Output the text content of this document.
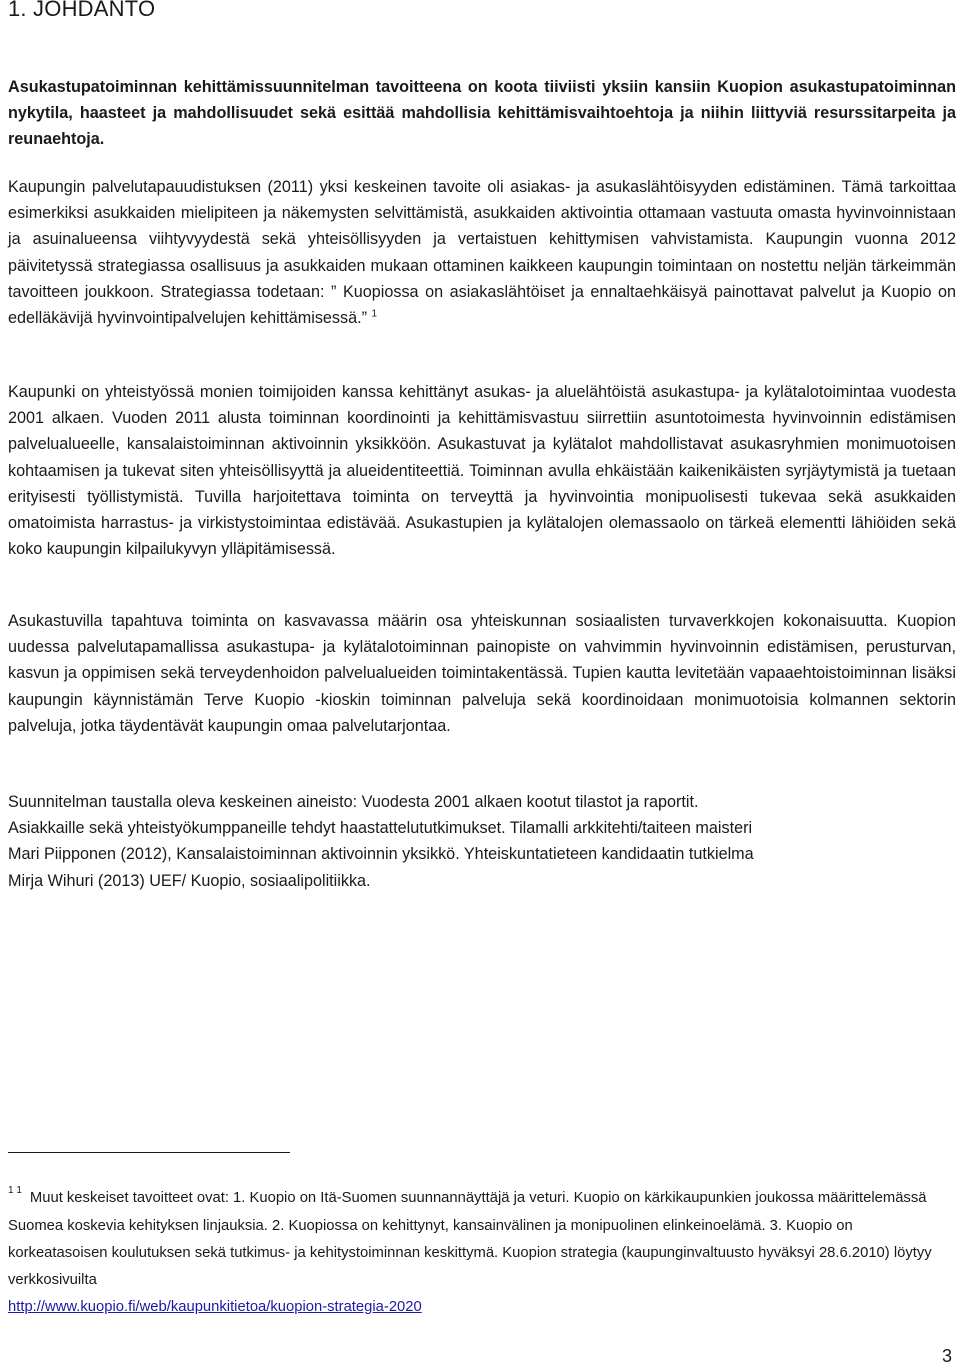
1. JOHDANTO

Asukastupatoiminnan kehittämissuunnitelman tavoitteena on koota tiiviisti yksiin kansiin Kuopion asukastupatoiminnan nykytila, haasteet ja mahdollisuudet sekä esittää mahdollisia kehittämisvaihtoehtoja ja niihin liittyviä resurssitarpeita ja reunaehtoja.

Kaupungin palvelutapauudistuksen (2011) yksi keskeinen tavoite oli asiakas- ja asukaslähtöisyyden edistäminen. Tämä tarkoittaa esimerkiksi asukkaiden mielipiteen ja näkemysten selvittämistä, asukkaiden aktivointia ottamaan vastuuta omasta hyvinvoinnistaan ja asuinalueensa viihtyvyydestä sekä yhteisöllisyyden ja vertaistuen kehittymisen vahvistamista. Kaupungin vuonna 2012 päivitetyssä strategiassa osallisuus ja asukkaiden mukaan ottaminen kaikkeen kaupungin toimintaan on nostettu neljän tärkeimmän tavoitteen joukkoon. Strategiassa todetaan: ” Kuopiossa on asiakaslähtöiset ja ennaltaehkäisyä painottavat palvelut ja Kuopio on edelläkävijä hyvinvointipalvelujen kehittämisessä.” $^1$

Kaupunki on yhteistyössä monien toimijoiden kanssa kehittänyt asukas- ja aluelähtöistä asukastupa- ja kylätalotoimintaa vuodesta 2001 alkaen. Vuoden 2011 alusta toiminnan koordinointi ja kehittämisvastuu siirrettiin asuntotoimesta hyvinvoinnin edistämisen palvelualueelle, kansalaistoiminnan aktivoinnin yksikköön. Asukastuvat ja kylätalot mahdollistavat asukasryhmien monimuotoisen kohtaamisen ja tukevat siten yhteisöllisyyttä ja alueidentiteettiä. Toiminnan avulla ehkäistään kaikenikäisten syrjäytymistä ja tuetaan erityisesti työllistymistä. Tuvilla harjoitettava toiminta on terveyttä ja hyvinvointia monipuolisesti tukevaa sekä asukkaiden omatoimista harrastus- ja virkistystoimintaa edistävää. Asukastupien ja kylätalojen olemassaolo on tärkeä elementti lähiöiden sekä koko kaupungin kilpailukyvyn ylläpitämisessä.

Asukastuvilla tapahtuva toiminta on kasvavassa määrin osa yhteiskunnan sosiaalisten turvaverkkojen kokonaisuutta. Kuopion uudessa palvelutapamallissa asukastupa- ja kylätalotoiminnan painopiste on vahvimmin hyvinvoinnin edistämisen, perusturvan, kasvun ja oppimisen sekä terveydenhoidon palvelualueiden toimintakentässä. Tupien kautta levitetään vapaaehtoistoiminnan lisäksi kaupungin käynnistämän Terve Kuopio -kioskin toiminnan palveluja sekä koordinoidaan monimuotoisia kolmannen sektorin palveluja, jotka täydentävät kaupungin omaa palvelutarjontaa.

Suunnitelman taustalla oleva keskeinen aineisto: Vuodesta 2001 alkaen kootut tilastot ja raportit.
Asiakkaille sekä yhteistyökumppaneille tehdyt haastattelututkimukset. Tilamalli arkkitehti/taiteen maisteri
Mari Piipponen (2012), Kansalaistoiminnan aktivoinnin yksikkö. Yhteiskuntatieteen kandidaatin tutkielma
Mirja Wihuri (2013) UEF/ Kuopio, sosiaalipolitiikka.

$^{1 1}$ Muut keskeiset tavoitteet ovat: 1. Kuopio on Itä-Suomen suunnannäyttäjä ja veturi. Kuopio on kärkikaupunkien joukossa määrittelemässä Suomea koskevia kehityksen linjauksia. 2. Kuopiossa on kehittynyt, kansainvälinen ja monipuolinen elinkeinoelämä. 3. Kuopio on korkeatasoisen koulutuksen sekä tutkimus- ja kehitystoiminnan keskittymä. Kuopion strategia (kaupunginvaltuusto hyväksyi 28.6.2010) löytyy verkkosivuilta
http://www.kuopio.fi/web/kaupunkitietoa/kuopion-strategia-2020

3
